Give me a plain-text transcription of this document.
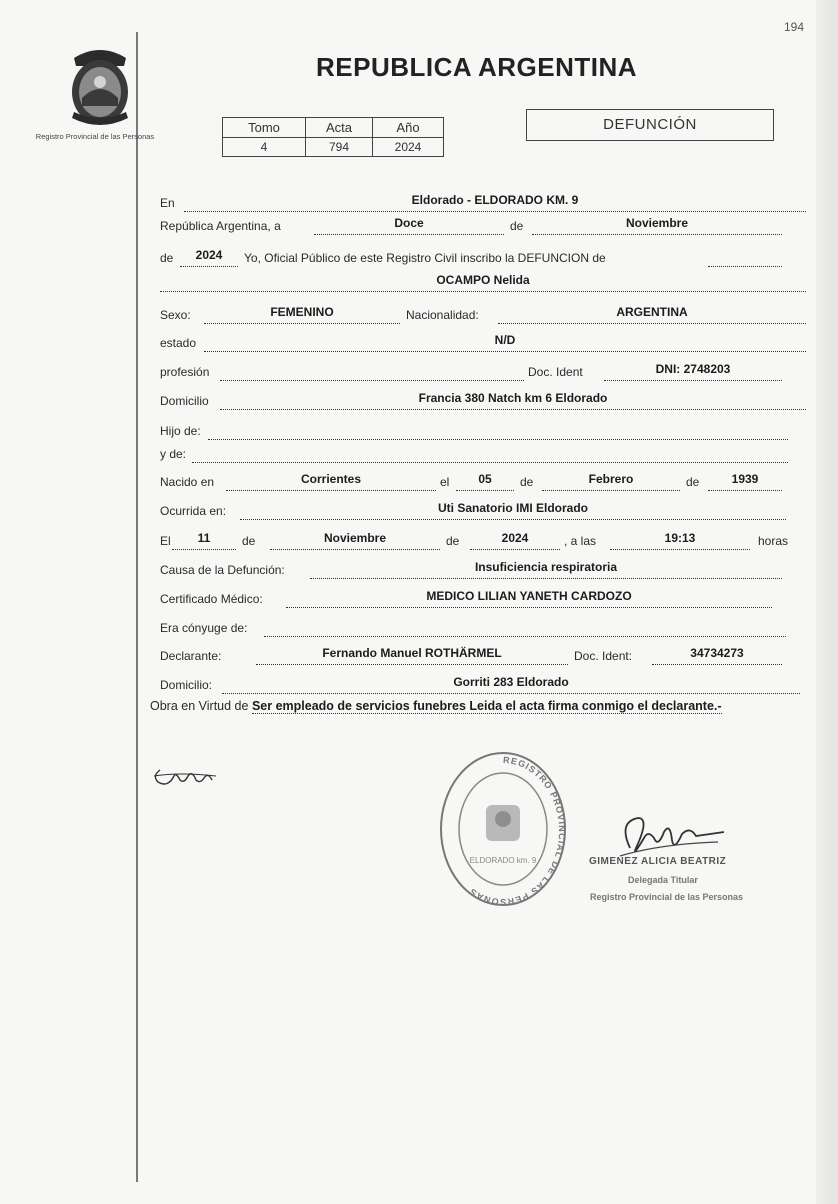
194
Registro Provincial de las Personas
REPUBLICA ARGENTINA
Tomo	Acta	Año
4	794	2024
DEFUNCIÓN
En	Eldorado - ELDORADO KM. 9
República Argentina, a	Doce	de	Noviembre
de	2024	Yo, Oficial Público de este Registro Civil inscribo la DEFUNCION de
OCAMPO Nelida
Sexo:	FEMENINO	Nacionalidad:	ARGENTINA
estado	N/D
profesión	Doc. Ident	DNI: 2748203
Domicilio	Francia 380 Natch km 6 Eldorado
Hijo de:
y de:
Nacido en	Corrientes	el	05	de	Febrero	de	1939
Ocurrida en:	Uti Sanatorio IMI Eldorado
El	11	de	Noviembre	de	2024	, a las	19:13	horas
Causa de la Defunción:	Insuficiencia respiratoria
Certificado Médico:	MEDICO LILIAN YANETH CARDOZO
Era cónyuge de:
Declarante:	Fernando Manuel ROTHÄRMEL	Doc. Ident:	34734273
Domicilio:	Gorriti 283 Eldorado
Obra en Virtud de Ser empleado de servicios funebres Leida el acta firma conmigo el declarante.-
REGISTRO PROVINCIAL DE LAS PERSONAS
ELDORADO km. 9	GIMENEZ ALICIA BEATRIZ
Delegada Titular
Registro Provincial de las Personas
